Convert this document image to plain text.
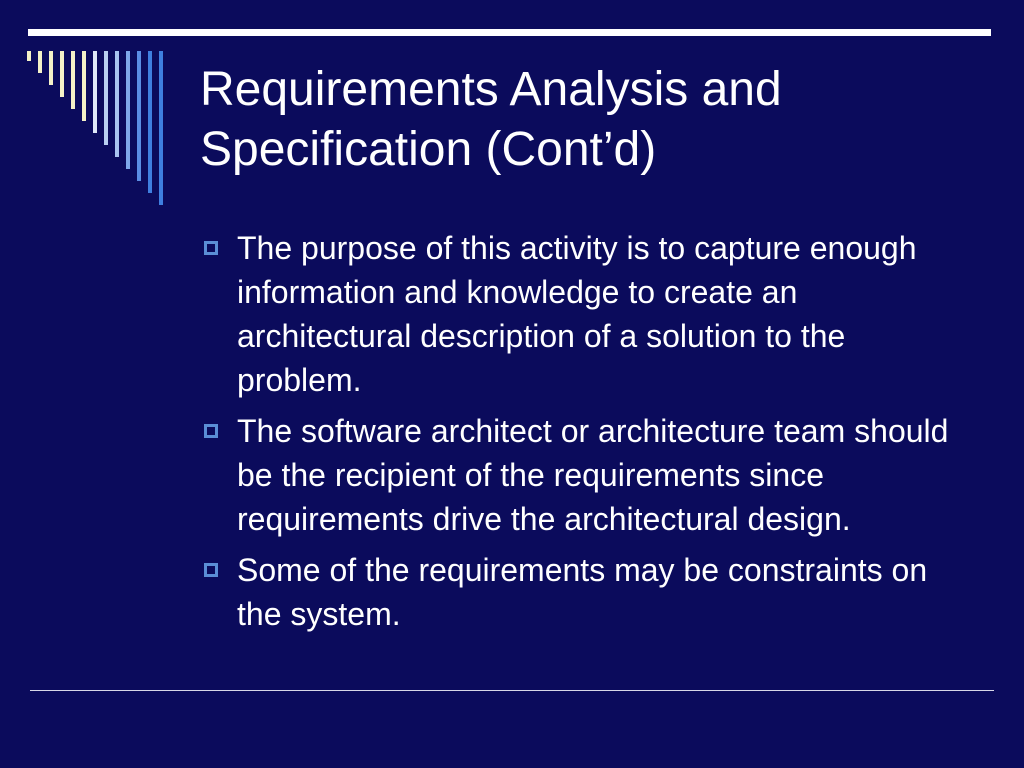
Requirements Analysis and
Specification (Cont’d)
The purpose of this activity is to capture enough information and knowledge to create an architectural description of a solution to the problem.
The software architect or architecture team should be the recipient of the requirements since requirements drive the architectural design.
Some of the requirements may be constraints on the system.
